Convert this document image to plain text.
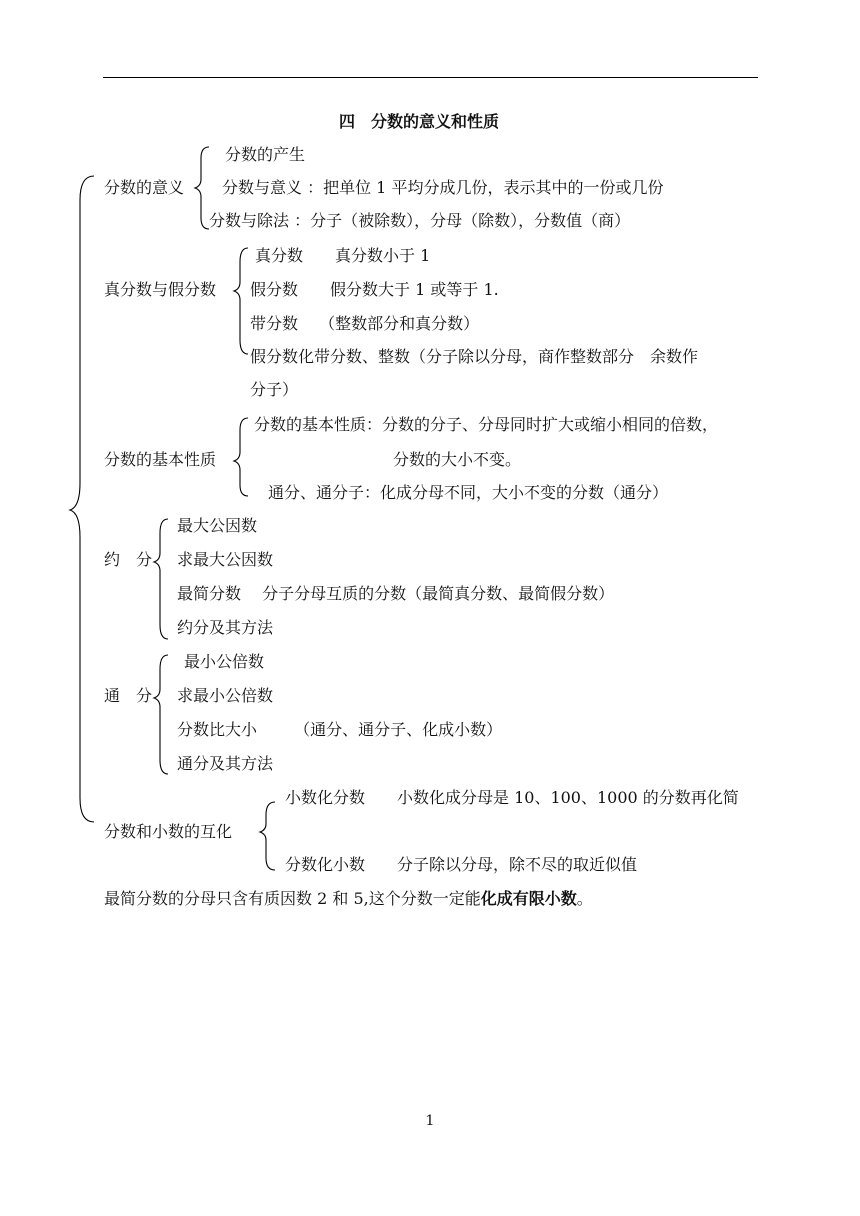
四　分数的意义和性质
分数的意义
分数的产生
分数与意义 ：把单位 1 平均分成几份，表示其中的一份或几份
分数与除法 ：分子（被除数），分母（除数），分数值（商）
真分数与假分数
真分数　　真分数小于 1
假分数　　假分数大于 1 或等于 1.
带分数　 （整数部分和真分数）
假分数化带分数、整数（分子除以分母，商作整数部分　余数作
分子）
分数的基本性质
分数的基本性质：分数的分子、分母同时扩大或缩小相同的倍数，
分数的大小不变。
通分、通分子：化成分母不同，大小不变的分数（通分）
约　分
最大公因数
求最大公因数
最简分数　 分子分母互质的分数（最简真分数、最简假分数）
约分及其方法
通　分
最小公倍数
求最小公倍数
分数比大小　　 （通分、通分子、化成小数）
通分及其方法
分数和小数的互化
小数化分数　　小数化成分母是 10、100、1000 的分数再化简
分数化小数　　分子除以分母，除不尽的取近似值
最简分数的分母只含有质因数 2 和 5,这个分数一定能化成有限小数。
1
